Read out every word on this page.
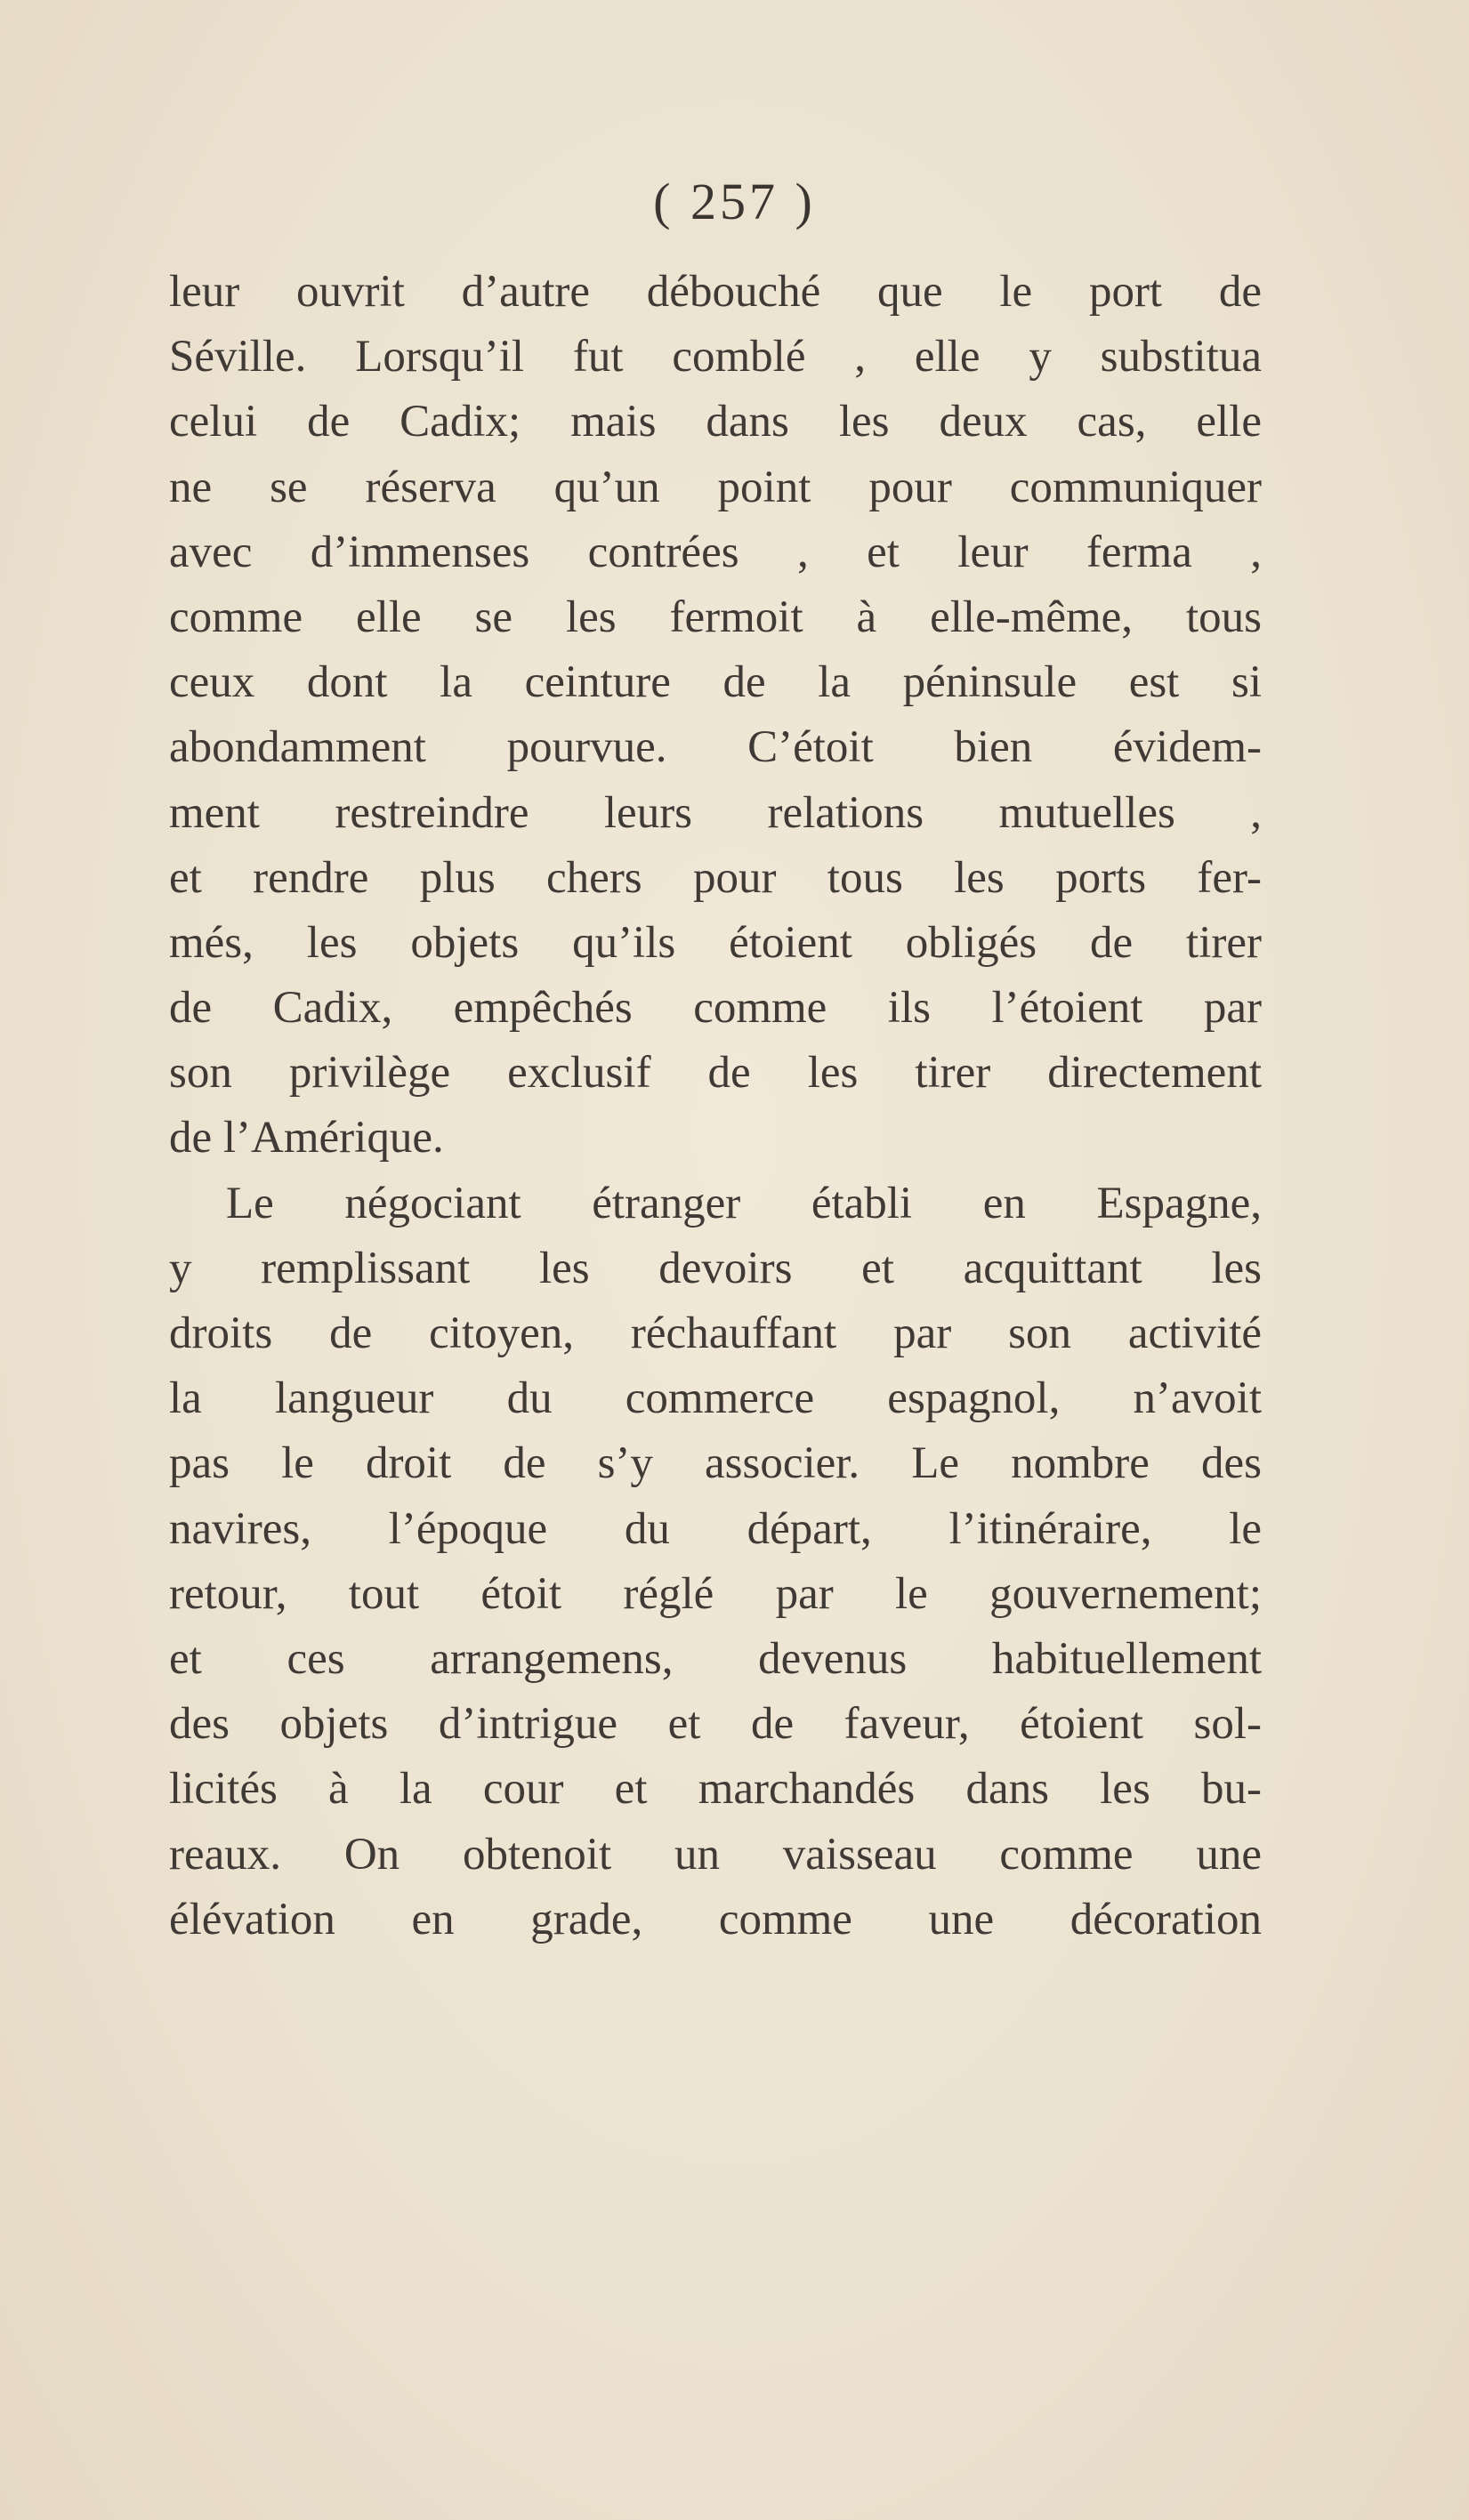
( 257 )
leur ouvrit d’autre débouché que le port de
Séville. Lorsqu’il fut comblé , elle y substitua
celui de Cadix; mais dans les deux cas, elle
ne se réserva qu’un point pour communiquer
avec d’immenses contrées , et leur ferma ,
comme elle se les fermoit à elle-même, tous
ceux dont la ceinture de la péninsule est si
abondamment pourvue. C’étoit bien évidem-
ment restreindre leurs relations mutuelles ,
et rendre plus chers pour tous les ports fer-
més, les objets qu’ils étoient obligés de tirer
de Cadix, empêchés comme ils l’étoient par
son privilège exclusif de les tirer directement
de l’Amérique.
Le négociant étranger établi en Espagne,
y remplissant les devoirs et acquittant les
droits de citoyen, réchauffant par son activité
la langueur du commerce espagnol, n’avoit
pas le droit de s’y associer. Le nombre des
navires, l’époque du départ, l’itinéraire, le
retour, tout étoit réglé par le gouvernement;
et ces arrangemens, devenus habituellement
des objets d’intrigue et de faveur, étoient sol-
licités à la cour et marchandés dans les bu-
reaux. On obtenoit un vaisseau comme une
élévation en grade, comme une décoration
